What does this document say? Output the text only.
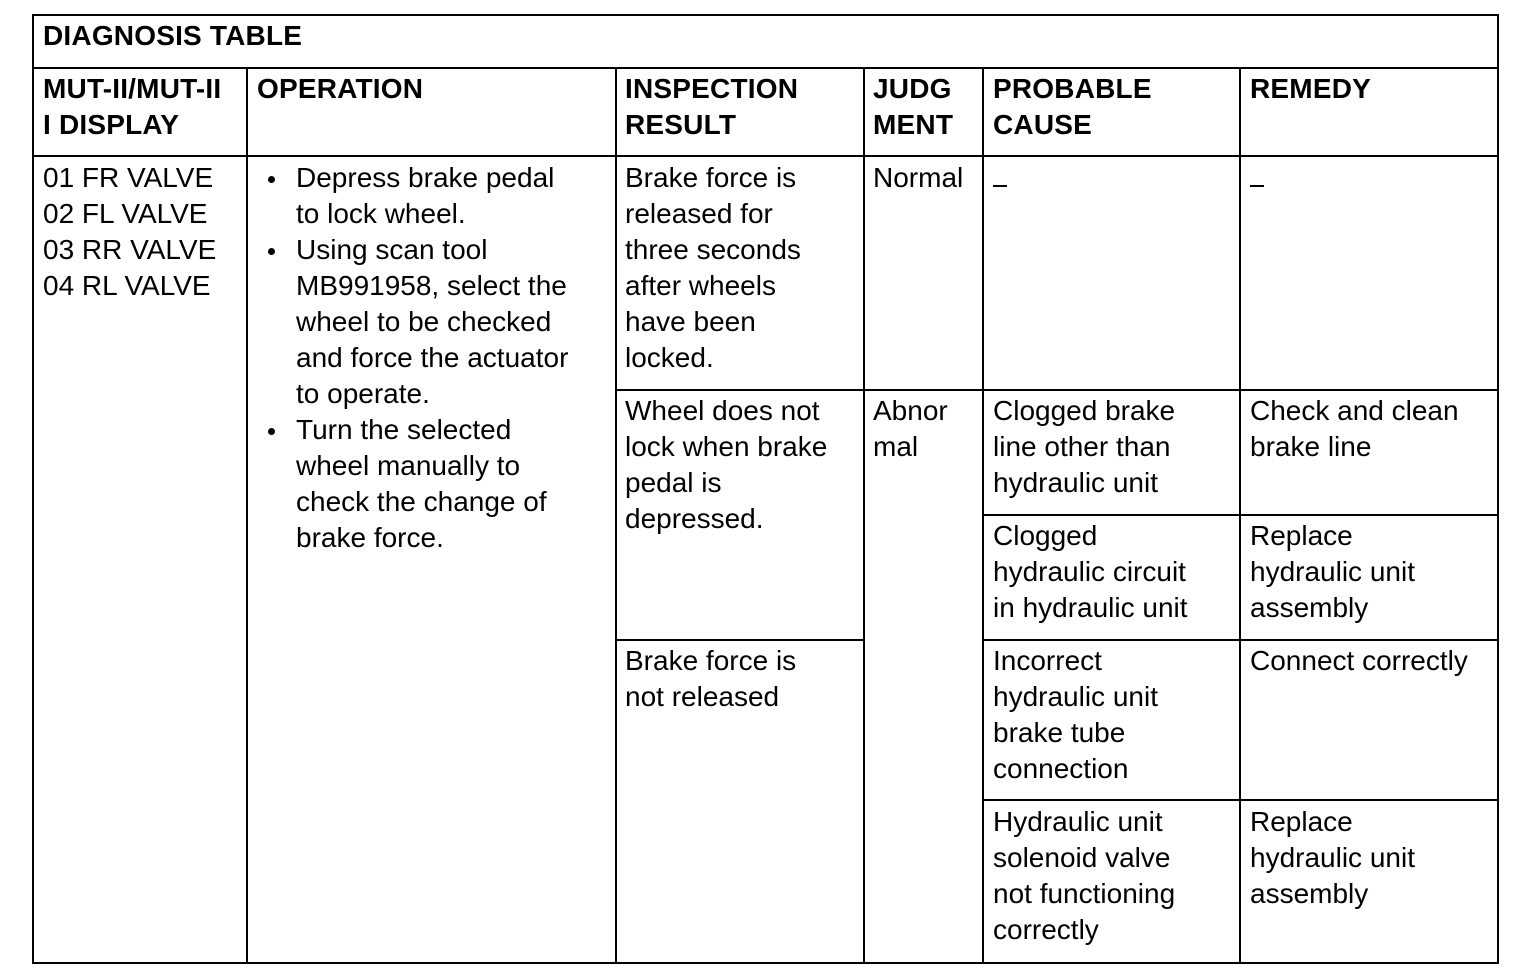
DIAGNOSIS TABLE
MUT-II/MUT-II
I DISPLAY
OPERATION	INSPECTION
RESULT
JUDG
MENT
PROBABLE
CAUSE
REMEDY
01 FR VALVE
02 FL VALVE
03 RR VALVE
04 RL VALVE
Depress brake pedal
to lock wheel.
Using scan tool
MB991958, select the
wheel to be checked
and force the actuator
to operate.
Turn the selected
wheel manually to
check the change of
brake force.
Brake force is
released for
three seconds
after wheels
have been
locked.
Normal
Wheel does not
lock when brake
pedal is
depressed.
Abnor
mal
Clogged brake
line other than
hydraulic unit
Check and clean
brake line
Clogged
hydraulic circuit
in hydraulic unit
Replace
hydraulic unit
assembly
Brake force is
not released
Incorrect
hydraulic unit
brake tube
connection
Connect correctly
Hydraulic unit
solenoid valve
not functioning
correctly
Replace
hydraulic unit
assembly
